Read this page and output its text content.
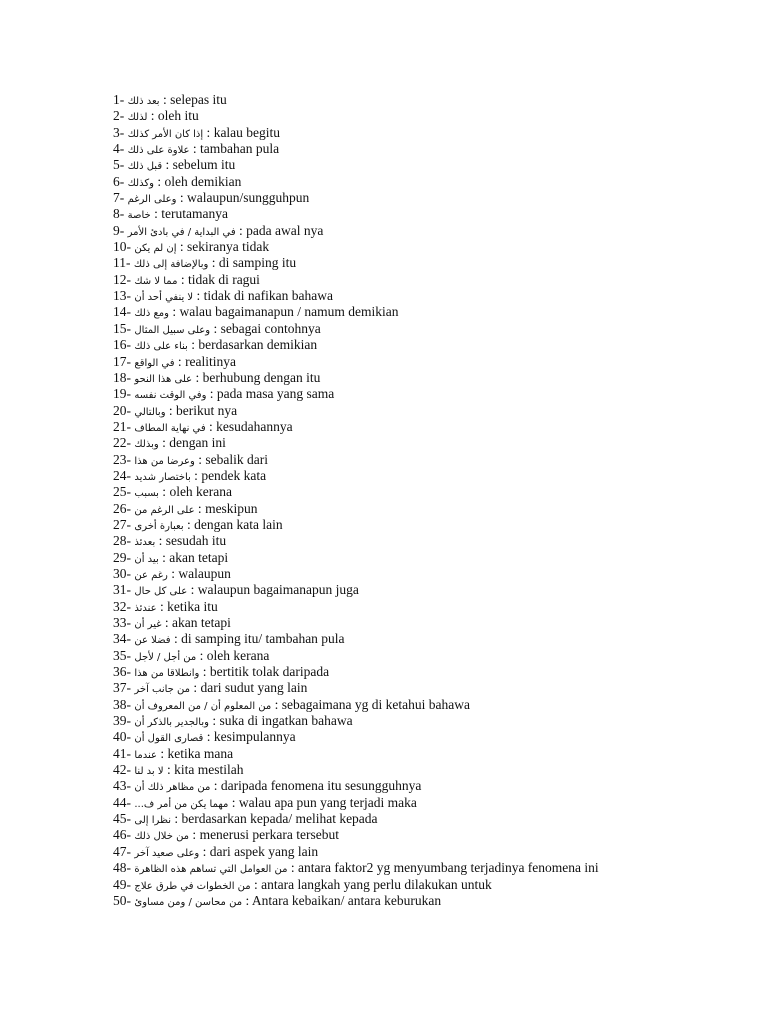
1- بعد ذلك : selepas itu
2- لذلك : oleh itu
3- إذا كان الأمر كذلك : kalau begitu
4- علاوة على ذلك : tambahan pula
5- قبل ذلك : sebelum itu
6- وكذلك : oleh demikian
7- وعلى الرغم : walaupun/sungguhpun
8- خاصة : terutamanya
9- في البداية / في بادئ الأمر : pada awal nya
10- إن لم يكن : sekiranya tidak
11- وبالإضافة إلى ذلك : di samping itu
12- مما لا شك : tidak di ragui
13- لا ينفي أحد أن : tidak di nafikan bahawa
14- ومع ذلك : walau bagaimanapun / namum demikian
15- وعلى سبيل المثال : sebagai contohnya
16- بناء على ذلك : berdasarkan demikian
17- في الواقع : realitinya
18- على هذا النحو : berhubung dengan itu
19- وفي الوقت نفسه : pada masa yang sama
20- وبالتالي : berikut nya
21- في نهاية المطاف : kesudahannya
22- وبذلك : dengan ini
23- وعرضا من هذا : sebalik dari
24- باختصار شديد : pendek kata
25- بسبب : oleh kerana
26- على الرغم من : meskipun
27- بعبارة أخرى : dengan kata lain
28- بعدئذ : sesudah itu
29- بيد أن : akan tetapi
30- رغم عن : walaupun
31- على كل حال : walaupun bagaimanapun juga
32- عندئذ : ketika itu
33- غير أن : akan tetapi
34- فضلا عن : di samping itu/ tambahan pula
35- من أجل / لأجل : oleh kerana
36- وانطلاقا من هذا : bertitik tolak daripada
37- من جانب آخر : dari sudut yang lain
38- من المعلوم أن / من المعروف أن : sebagaimana yg di ketahui bahawa
39- وبالجدير بالذكر أن : suka di ingatkan bahawa
40- قصارى القول أن : kesimpulannya
41- عندما : ketika mana
42- لا بد لنا : kita mestilah
43- من مظاهر ذلك أن : daripada fenomena itu sesungguhnya
44- مهما يكن من أمر ف... : walau apa pun yang terjadi maka
45- نظرا إلى : berdasarkan kepada/ melihat kepada
46- من خلال ذلك : menerusi perkara tersebut
47- وعلى صعيد آخر : dari aspek yang lain
48- من العوامل التي تساهم هذه الظاهرة : antara faktor2 yg menyumbang terjadinya fenomena ini
49- من الخطوات في طرق علاج : antara langkah yang perlu dilakukan untuk
50- من محاسن / ومن مساوئ : Antara kebaikan/ antara keburukan
